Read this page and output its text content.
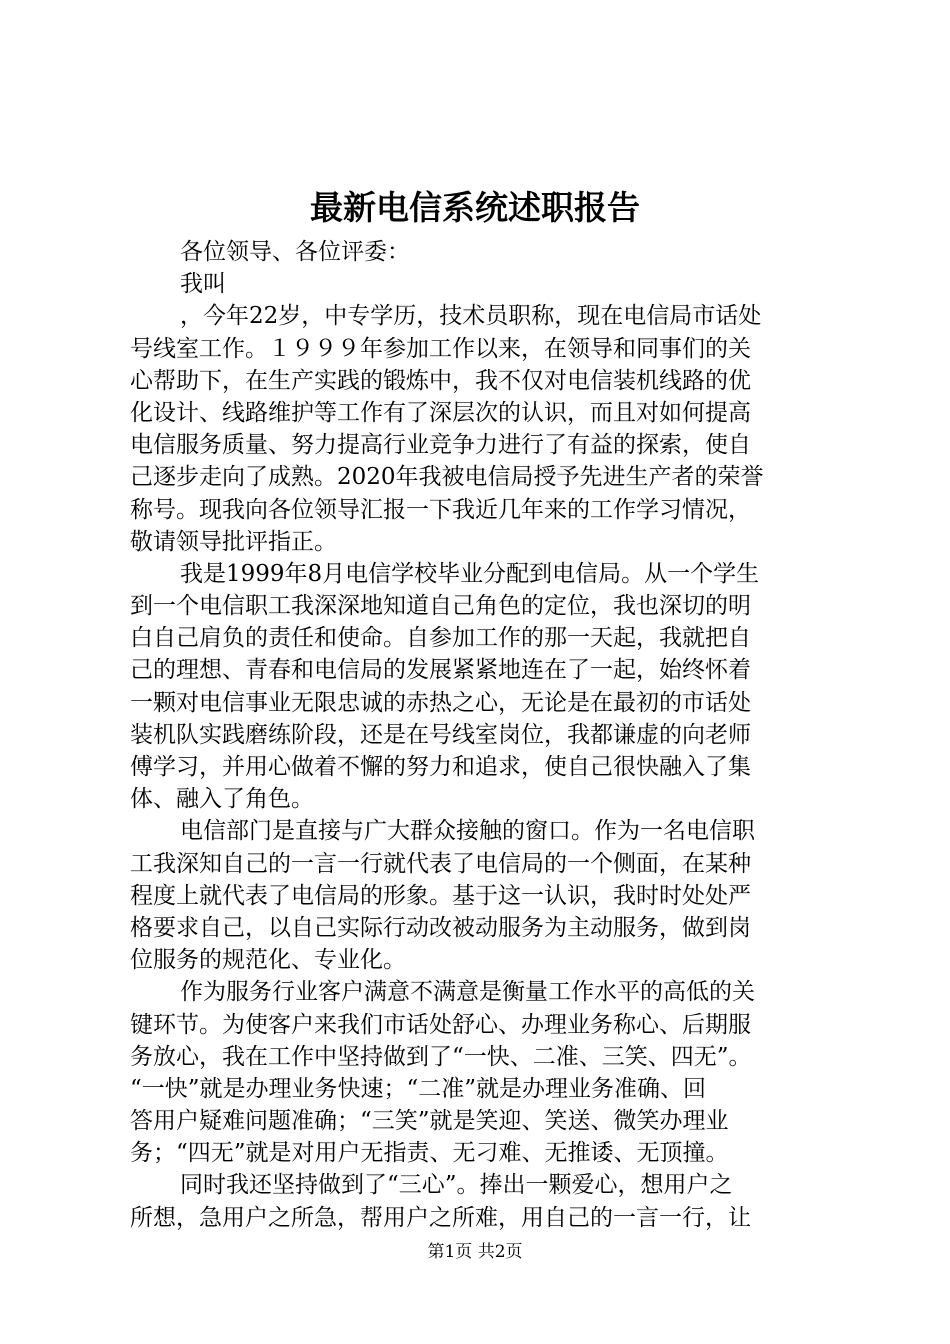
最新电信系统述职报告

各位领导、各位评委：

我叫

，今年22岁，中专学历，技术员职称，现在电信局市话处

号线室工作。１９９９年参加工作以来，在领导和同事们的关

心帮助下，在生产实践的锻炼中，我不仅对电信装机线路的优

化设计、线路维护等工作有了深层次的认识，而且对如何提高

电信服务质量、努力提高行业竞争力进行了有益的探索，使自

己逐步走向了成熟。2020年我被电信局授予先进生产者的荣誉

称号。现我向各位领导汇报一下我近几年来的工作学习情况，

敬请领导批评指正。

我是1999年8月电信学校毕业分配到电信局。从一个学生

到一个电信职工我深深地知道自己角色的定位，我也深切的明

白自己肩负的责任和使命。自参加工作的那一天起，我就把自

己的理想、青春和电信局的发展紧紧地连在了一起，始终怀着

一颗对电信事业无限忠诚的赤热之心，无论是在最初的市话处

装机队实践磨练阶段，还是在号线室岗位，我都谦虚的向老师

傅学习，并用心做着不懈的努力和追求，使自己很快融入了集

体、融入了角色。

电信部门是直接与广大群众接触的窗口。作为一名电信职

工我深知自己的一言一行就代表了电信局的一个侧面，在某种

程度上就代表了电信局的形象。基于这一认识，我时时处处严

格要求自己，以自己实际行动改被动服务为主动服务，做到岗

位服务的规范化、专业化。

作为服务行业客户满意不满意是衡量工作水平的高低的关

键环节。为使客户来我们市话处舒心、办理业务称心、后期服

务放心，我在工作中坚持做到了“一快、二准、三笑、四无”。

“一快”就是办理业务快速；“二准”就是办理业务准确、回

答用户疑难问题准确；“三笑”就是笑迎、笑送、微笑办理业

务；“四无”就是对用户无指责、无刁难、无推诿、无顶撞。

同时我还坚持做到了“三心”。捧出一颗爱心，想用户之

所想，急用户之所急，帮用户之所难，用自己的一言一行，让

第1页 共2页
